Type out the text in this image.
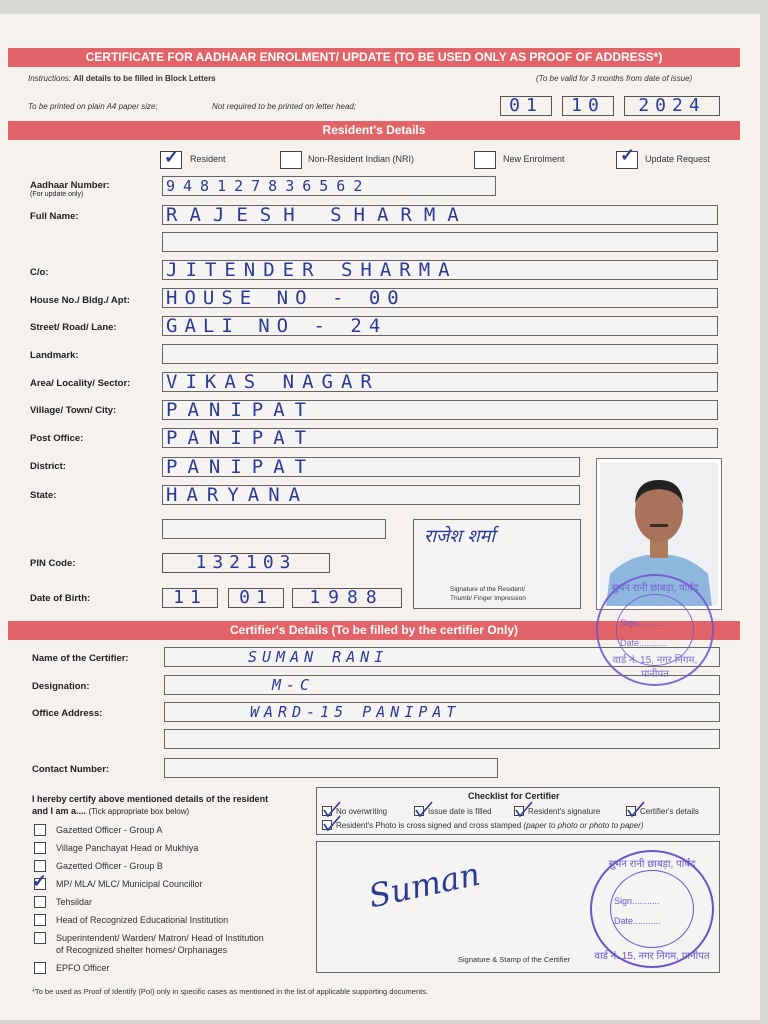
CERTIFICATE FOR AADHAAR ENROLMENT/ UPDATE (TO BE USED ONLY AS PROOF OF ADDRESS*)
Instructions: All details to be filled in Block Letters	(To be valid for 3 months from date of issue)
To be printed on plain A4 paper size;	Not required to be printed on letter head;	01	10	2024
Resident's Details
✓ Resident	Non-Resident Indian (NRI)	New Enrolment	✓ Update Request
Aadhaar Number:
(For update only)	948127836562
Full Name:	RAJESH SHARMA
C/o:	JITENDER SHARMA
House No./ Bldg./ Apt: HOUSE NO - 00
Street/ Road/ Lane:	GALI NO - 24
Landmark:
Area/ Locality/ Sector: VIKAS NAGAR
Village/ Town/ City:	PANIPAT
Post Office:	PANIPAT
District:	PANIPAT
State:	HARYANA
राजेश शर्मा
Signature of the Resident/
Thumb/ Finger Impression
PIN Code:	132103
Date of Birth:	11	01	1988
Certifier's Details (To be filled by the certifier Only)
Name of the Certifier:	SUMAN RANI
Designation:	M-C
Office Address:	WARD-15 PANIPAT
Contact Number:
I hereby certify above mentioned details of the resident
and I am a.... (Tick appropriate box below)
Gazetted Officer - Group A
Village Panchayat Head or Mukhiya
Gazetted Officer - Group B
✓ MP/ MLA/ MLC/ Municipal Councillor
Tehsildar
Head of Recognized Educational Institution
Superintendent/ Warden/ Matron/ Head of Institution
of Recognized shelter homes/ Orphanages
EPFO Officer
Checklist for Certifier
No overwriting	Issue date is filled	Resident's signature	Certifier's details
Resident's Photo is cross signed and cross stamped (paper to photo or photo to paper)
Suman
Signature & Stamp of the Certifier
सुमन रानी छाबड़ा, पार्षद
Sign...........
Date...........
वार्ड नं. 15, नगर निगम, पानीपत
सुमन रानी छाबड़ा, पार्षद
Sign...........
Date...........
वार्ड नं. 15, नगर निगम, पानीपत
*To be used as Proof of Identify (PoI) only in specific cases as mentioned in the list of applicable supporting documents.
